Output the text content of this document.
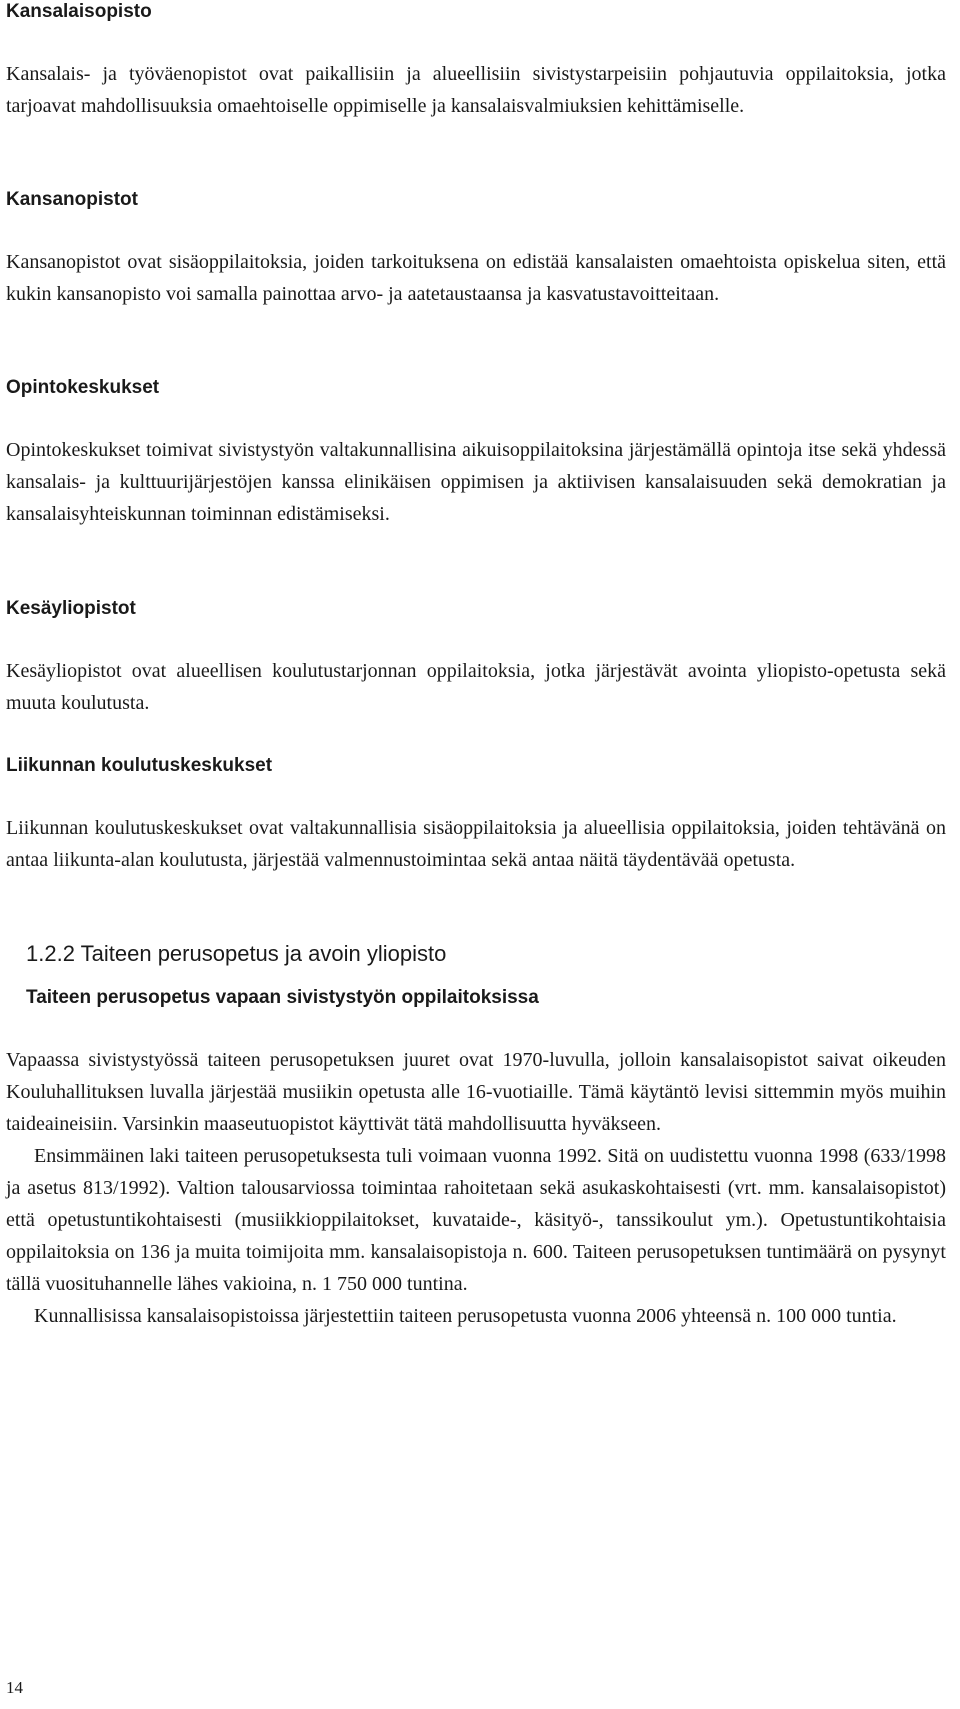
Kansalaisopisto

Kansalais- ja työväenopistot ovat paikallisiin ja alueellisiin sivistystarpeisiin pohjautuvia oppilaitoksia, jotka tarjoavat mahdollisuuksia omaehtoiselle oppimiselle ja kansalaisvalmiuksien kehittämiselle.

Kansanopistot

Kansanopistot ovat sisäoppilaitoksia, joiden tarkoituksena on edistää kansalaisten omaehtoista opiskelua siten, että kukin kansanopisto voi samalla painottaa arvo- ja aatetaustaansa ja kasvatustavoitteitaan.

Opintokeskukset

Opintokeskukset toimivat sivistystyön valtakunnallisina aikuisoppilaitoksina järjestämällä opintoja itse sekä yhdessä kansalais- ja kulttuurijärjestöjen kanssa elinikäisen oppimisen ja aktiivisen kansalaisuuden sekä demokratian ja kansalaisyhteiskunnan toiminnan edistämiseksi.

Kesäyliopistot

Kesäyliopistot ovat alueellisen koulutustarjonnan oppilaitoksia, jotka järjestävät avointa yliopisto-opetusta sekä muuta koulutusta.

Liikunnan koulutuskeskukset

Liikunnan koulutuskeskukset ovat valtakunnallisia sisäoppilaitoksia ja alueellisia oppilaitoksia, joiden tehtävänä on antaa liikunta-alan koulutusta, järjestää valmennustoimintaa sekä antaa näitä täydentävää opetusta.

1.2.2 Taiteen perusopetus ja avoin yliopisto
Taiteen perusopetus vapaan sivistystyön oppilaitoksissa

Vapaassa sivistystyössä taiteen perusopetuksen juuret ovat 1970-luvulla, jolloin kansalaisopistot saivat oikeuden Kouluhallituksen luvalla järjestää musiikin opetusta alle 16-vuotiaille. Tämä käytäntö levisi sittemmin myös muihin taideaineisiin. Varsinkin maaseutuopistot käyttivät tätä mahdollisuutta hyväkseen.

Ensimmäinen laki taiteen perusopetuksesta tuli voimaan vuonna 1992. Sitä on uudistettu vuonna 1998 (633/1998 ja asetus 813/1992). Valtion talousarviossa toimintaa rahoitetaan sekä asukaskohtaisesti (vrt. mm. kansalaisopistot) että opetustuntikohtaisesti (musiikkioppilaitokset, kuvataide-, käsityö-, tanssikoulut ym.). Opetustuntikohtaisia oppilaitoksia on 136 ja muita toimijoita mm. kansalaisopistoja n. 600. Taiteen perusopetuksen tuntimäärä on pysynyt tällä vuosituhannelle lähes vakioina, n. 1 750 000 tuntina.

Kunnallisissa kansalaisopistoissa järjestettiin taiteen perusopetusta vuonna 2006 yhteensä n. 100 000 tuntia.

14
